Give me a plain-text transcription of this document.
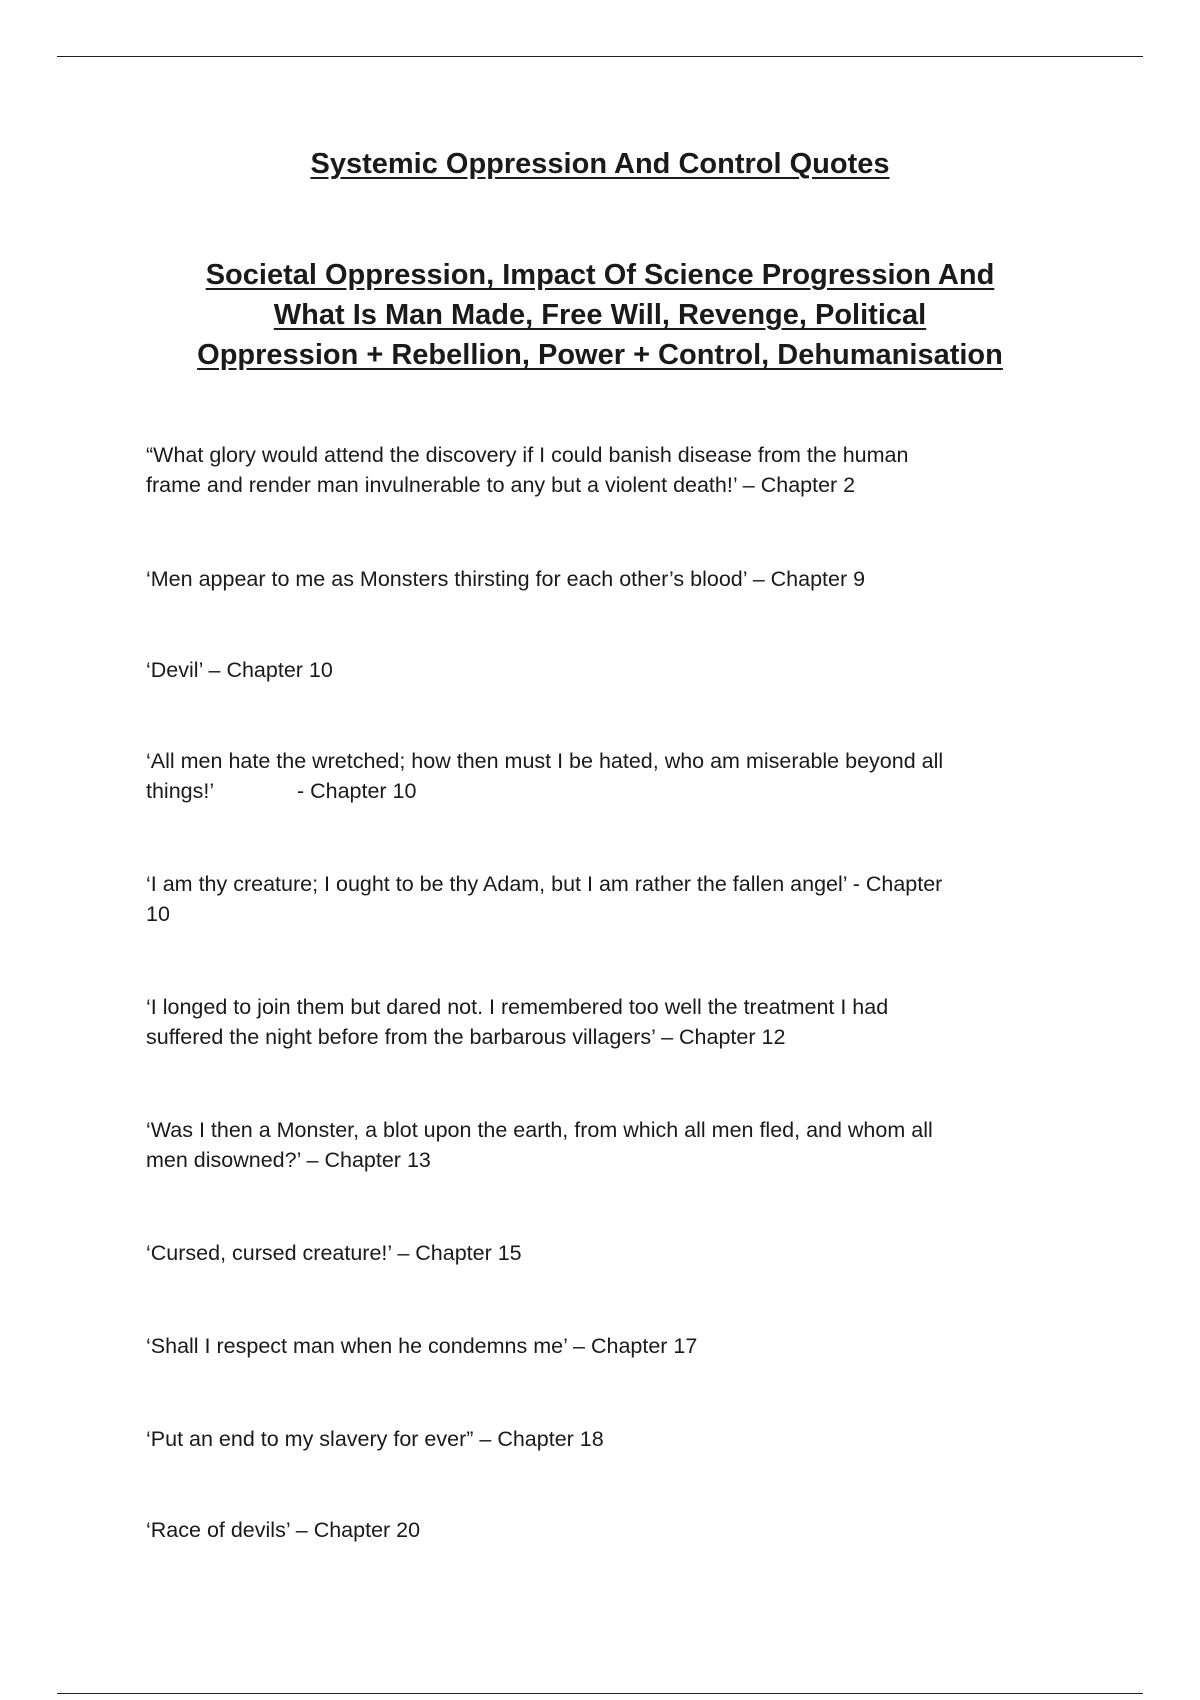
Systemic Oppression And Control Quotes
Societal Oppression, Impact Of Science Progression And
What Is Man Made, Free Will, Revenge, Political
Oppression + Rebellion, Power + Control, Dehumanisation

“What glory would attend the discovery if I could banish disease from the human
frame and render man invulnerable to any but a violent death!’ – Chapter 2

‘Men appear to me as Monsters thirsting for each other’s blood’ – Chapter 9

‘Devil’ – Chapter 10

‘All men hate the wretched; how then must I be hated, who am miserable beyond all
things!’              - Chapter 10

‘I am thy creature; I ought to be thy Adam, but I am rather the fallen angel’ - Chapter
10

‘I longed to join them but dared not. I remembered too well the treatment I had
suffered the night before from the barbarous villagers’ – Chapter 12

‘Was I then a Monster, a blot upon the earth, from which all men fled, and whom all
men disowned?’ – Chapter 13

‘Cursed, cursed creature!’ – Chapter 15

‘Shall I respect man when he condemns me’ – Chapter 17

‘Put an end to my slavery for ever” – Chapter 18

‘Race of devils’ – Chapter 20
